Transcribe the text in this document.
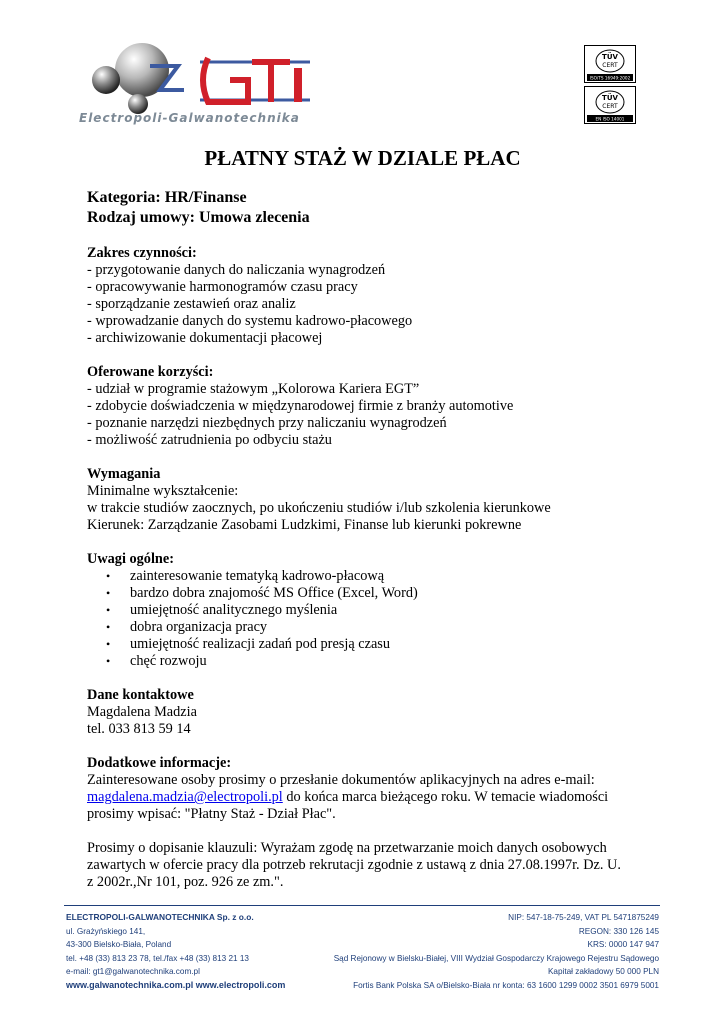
Electropoli-Galwanotechnika
TÜV
CERT
ISO/TS 16949:2002
TÜV
CERT
EN ISO 14001
PŁATNY STAŻ W DZIALE PŁAC
Kategoria: HR/Finanse
Rodzaj umowy: Umowa zlecenia
Zakres czynności:
- przygotowanie danych do naliczania wynagrodzeń
- opracowywanie harmonogramów czasu pracy
- sporządzanie zestawień oraz analiz
- wprowadzanie danych do systemu kadrowo-płacowego
- archiwizowanie dokumentacji płacowej
Oferowane korzyści:
- udział w programie stażowym „Kolorowa Kariera EGT”
- zdobycie doświadczenia w międzynarodowej firmie z branży automotive
- poznanie narzędzi niezbędnych przy naliczaniu wynagrodzeń
- możliwość zatrudnienia po odbyciu stażu
Wymagania
Minimalne wykształcenie:
w trakcie studiów zaocznych, po ukończeniu studiów i/lub szkolenia kierunkowe
Kierunek: Zarządzanie Zasobami Ludzkimi, Finanse lub kierunki pokrewne
Uwagi ogólne:
• zainteresowanie tematyką kadrowo-płacową
• bardzo dobra znajomość MS Office (Excel, Word)
• umiejętność analitycznego myślenia
• dobra organizacja pracy
• umiejętność realizacji zadań pod presją czasu
• chęć rozwoju
Dane kontaktowe
Magdalena Madzia
tel. 033 813 59 14
Dodatkowe informacje:
Zainteresowane osoby prosimy o przesłanie dokumentów aplikacyjnych na adres e-mail:
magdalena.madzia@electropoli.pl do końca marca bieżącego roku. W temacie wiadomości
prosimy wpisać: "Płatny Staż - Dział Płac".
Prosimy o dopisanie klauzuli: Wyrażam zgodę na przetwarzanie moich danych osobowych
zawartych w ofercie pracy dla potrzeb rekrutacji zgodnie z ustawą z dnia 27.08.1997r. Dz. U.
z 2002r.,Nr 101, poz. 926 ze zm.".
ELECTROPOLI-GALWANOTECHNIKA Sp. z o.o.
ul. Grażyńskiego 141,
43-300 Bielsko-Biała, Poland
tel. +48 (33) 813 23 78, tel./fax +48 (33) 813 21 13
e-mail: gt1@galwanotechnika.com.pl
www.galwanotechnika.com.pl www.electropoli.com
NIP: 547-18-75-249, VAT PL 5471875249
REGON: 330 126 145
KRS: 0000 147 947
Sąd Rejonowy w Bielsku-Białej, VIII Wydział Gospodarczy Krajowego Rejestru Sądowego
Kapitał zakładowy 50 000 PLN
Fortis Bank Polska SA o/Bielsko-Biała nr konta: 63 1600 1299 0002 3501 6979 5001
